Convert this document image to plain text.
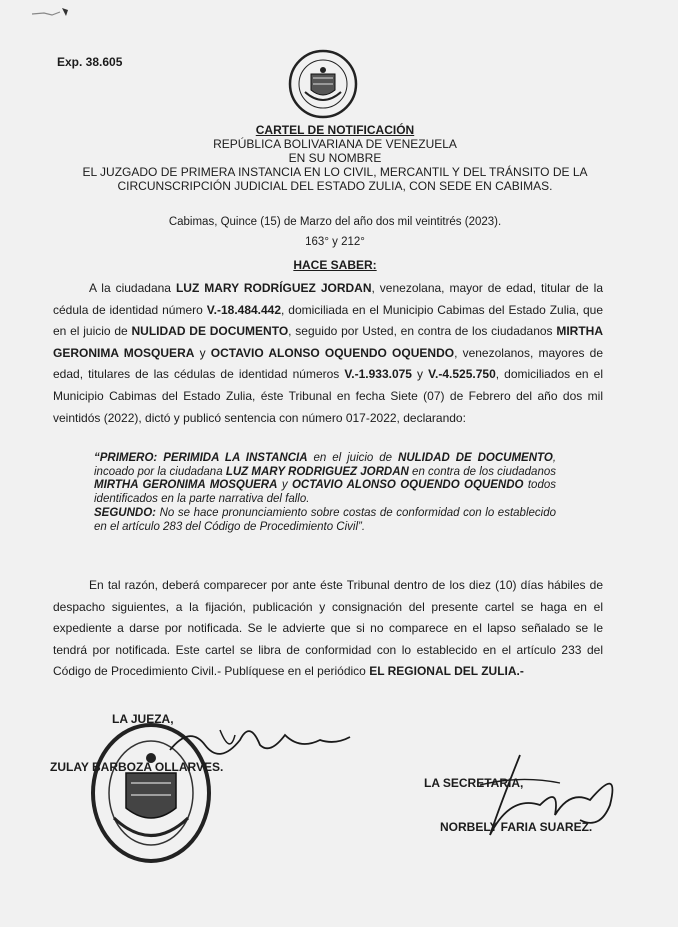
Exp. 38.605
CARTEL DE NOTIFICACIÓN
REPÚBLICA BOLIVARIANA DE VENEZUELA
EN SU NOMBRE
EL JUZGADO DE PRIMERA INSTANCIA EN LO CIVIL, MERCANTIL Y DEL TRÁNSITO DE LA
CIRCUNSCRIPCIÓN JUDICIAL DEL ESTADO ZULIA, CON SEDE EN CABIMAS.
Cabimas, Quince (15) de Marzo del año dos mil veintitrés (2023).
163° y 212°
HACE SABER:

A la ciudadana LUZ MARY RODRÍGUEZ JORDAN, venezolana, mayor de edad, titular de la cédula de identidad número V.-18.484.442, domiciliada en el Municipio Cabimas del Estado Zulia, que en el juicio de NULIDAD DE DOCUMENTO, seguido por Usted, en contra de los ciudadanos MIRTHA GERONIMA MOSQUERA y OCTAVIO ALONSO OQUENDO OQUENDO, venezolanos, mayores de edad, titulares de las cédulas de identidad números V.-1.933.075 y V.-4.525.750, domiciliados en el Municipio Cabimas del Estado Zulia, éste Tribunal en fecha Siete (07) de Febrero del año dos mil veintidós (2022), dictó y publicó sentencia con número 017-2022, declarando:

“PRIMERO: PERIMIDA LA INSTANCIA en el juicio de NULIDAD DE DOCUMENTO, incoado por la ciudadana LUZ MARY RODRIGUEZ JORDAN en contra de los ciudadanos MIRTHA GERONIMA MOSQUERA y OCTAVIO ALONSO OQUENDO OQUENDO todos identificados en la parte narrativa del fallo.
SEGUNDO: No se hace pronunciamiento sobre costas de conformidad con lo establecido en el artículo 283 del Código de Procedimiento Civil”.

En tal razón, deberá comparecer por ante éste Tribunal dentro de los diez (10) días hábiles de despacho siguientes, a la fijación, publicación y consignación del presente cartel se haga en el expediente a darse por notificada. Se le advierte que si no comparece en el lapso señalado se le tendrá por notificada. Este cartel se libra de conformidad con lo establecido en el artículo 233 del Código de Procedimiento Civil.- Publíquese en el periódico EL REGIONAL DEL ZULIA.-

LA JUEZA,
ZULAY BARBOZA OLLARVES.
LA SECRETARIA,
NORBELY FARIA SUAREZ.
